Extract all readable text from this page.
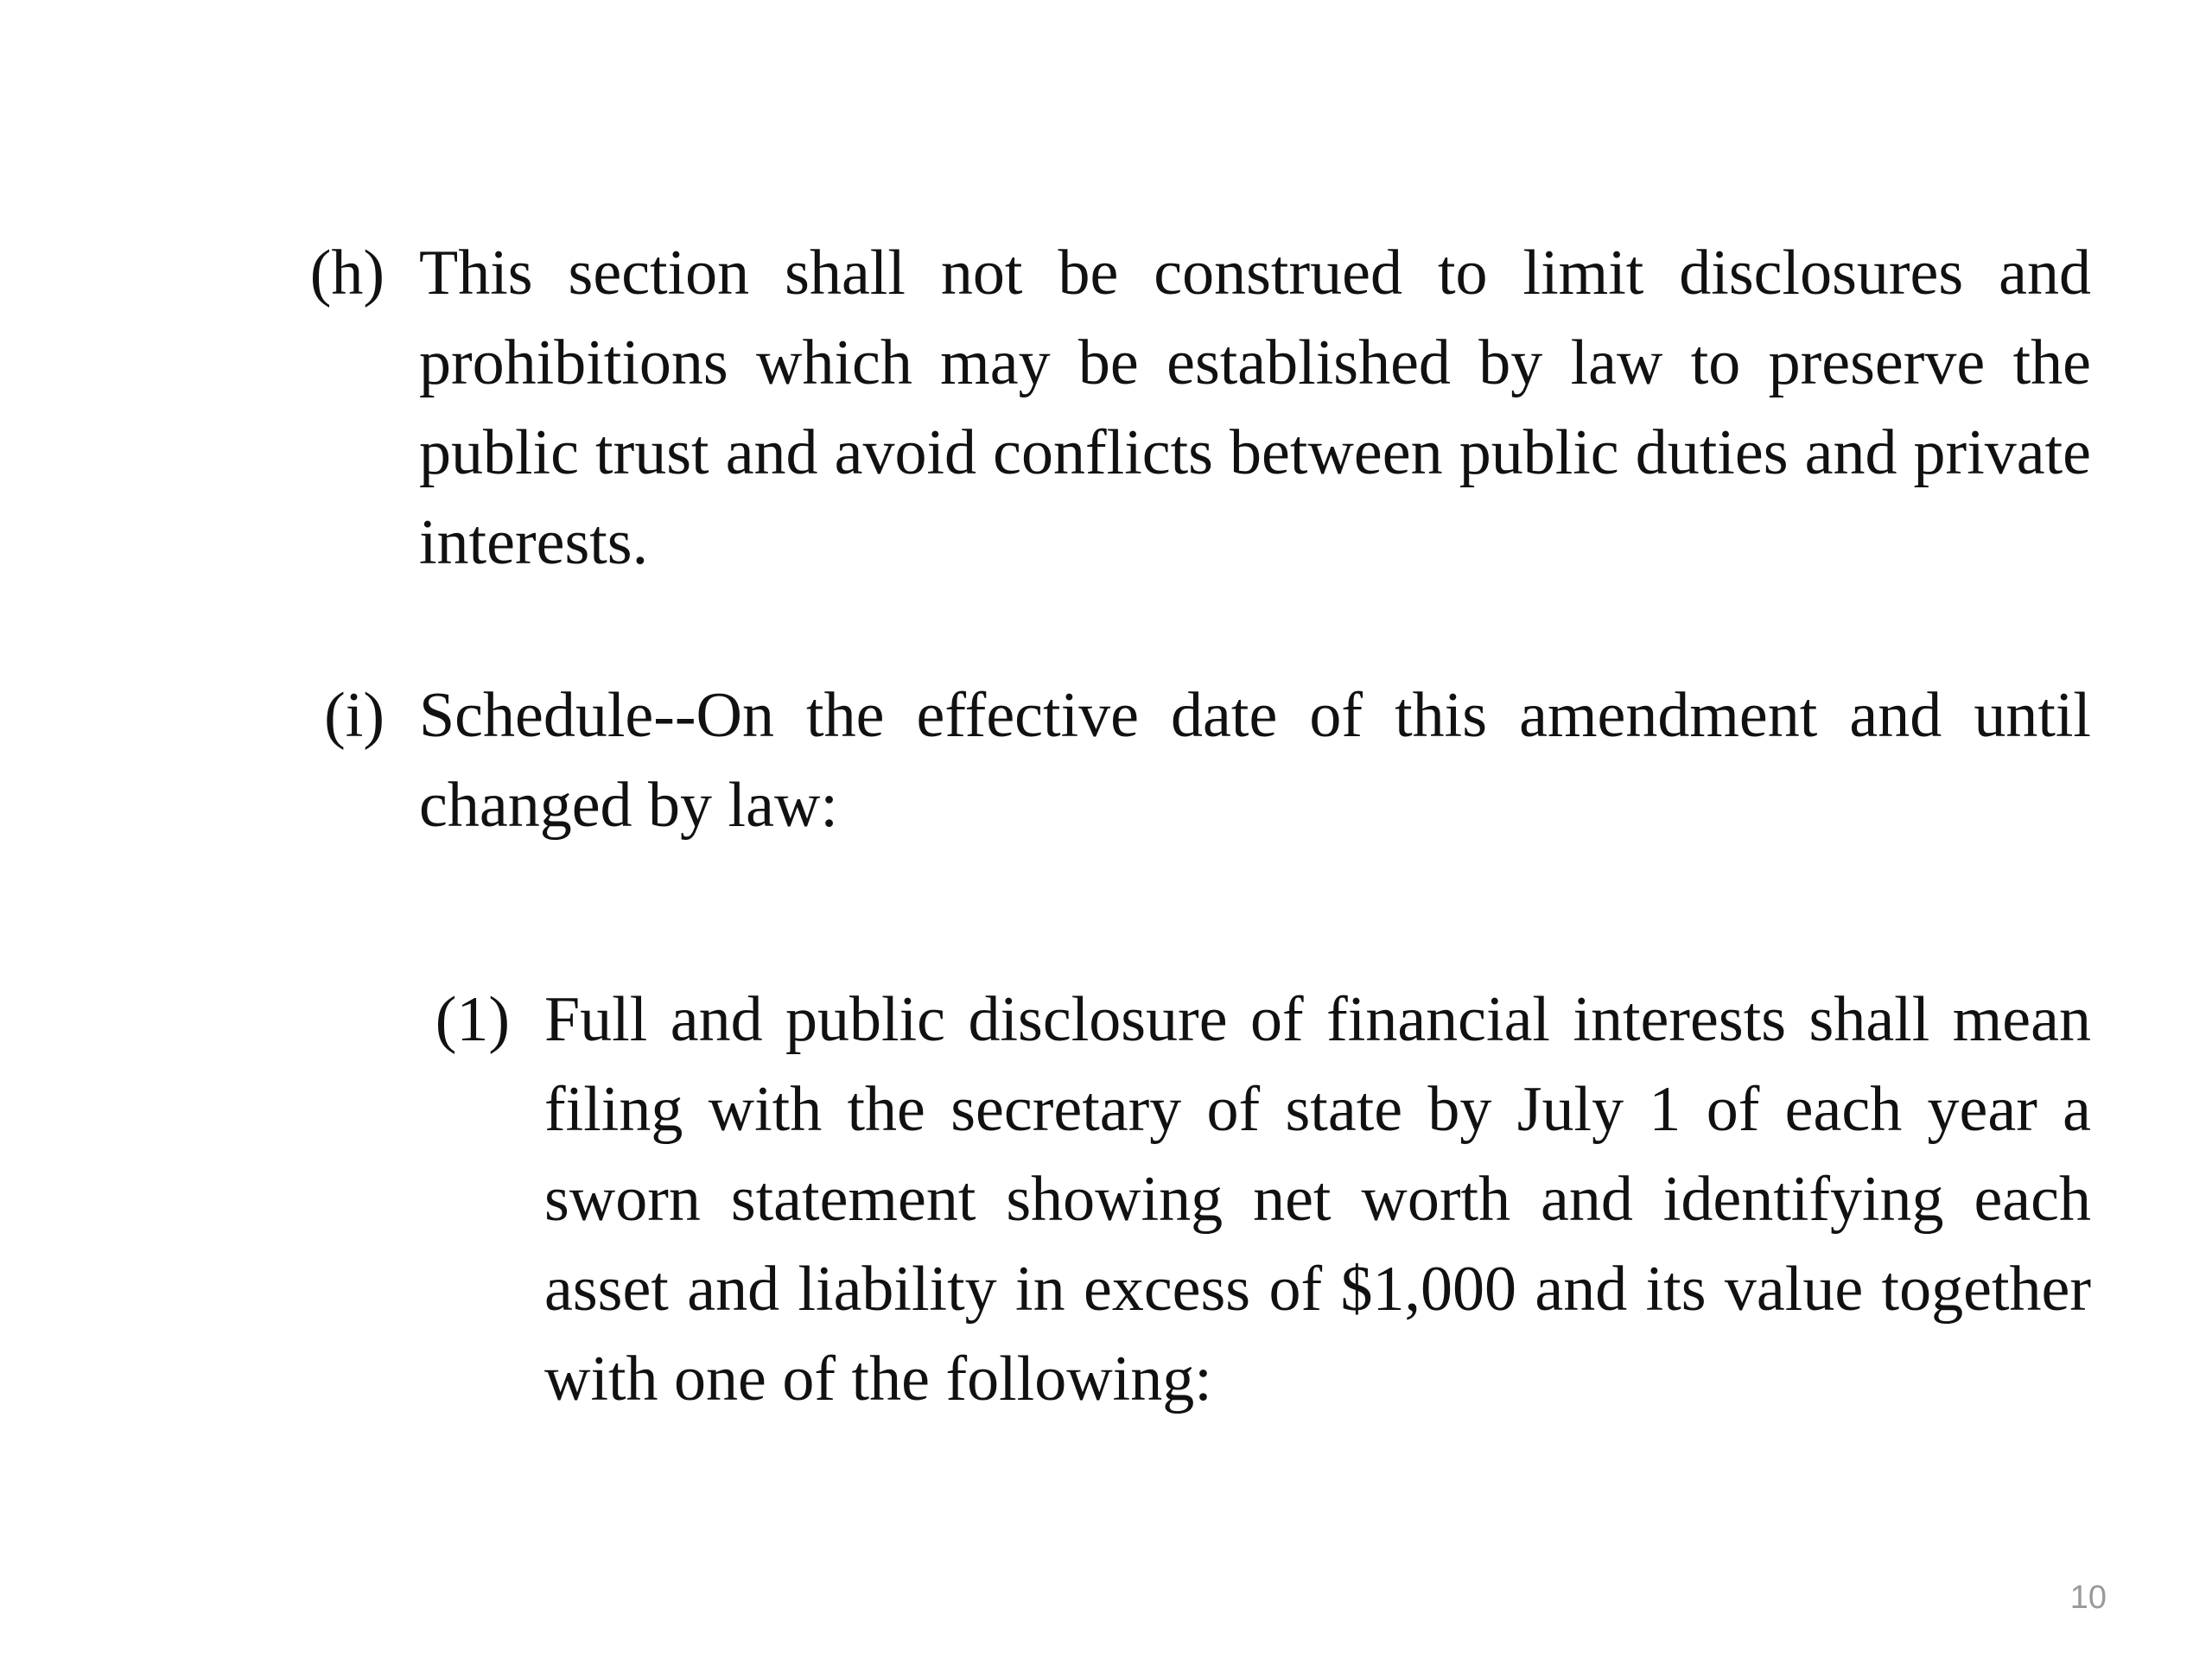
(h) This section shall not be construed to limit disclosures and prohibitions which may be established by law to preserve the public trust and avoid conflicts between public duties and private interests.
(i) Schedule--On the effective date of this amendment and until changed by law:
(1) Full and public disclosure of financial interests shall mean filing with the secretary of state by July 1 of each year a sworn statement showing net worth and identifying each asset and liability in excess of $1,000 and its value together with one of the following:
10
